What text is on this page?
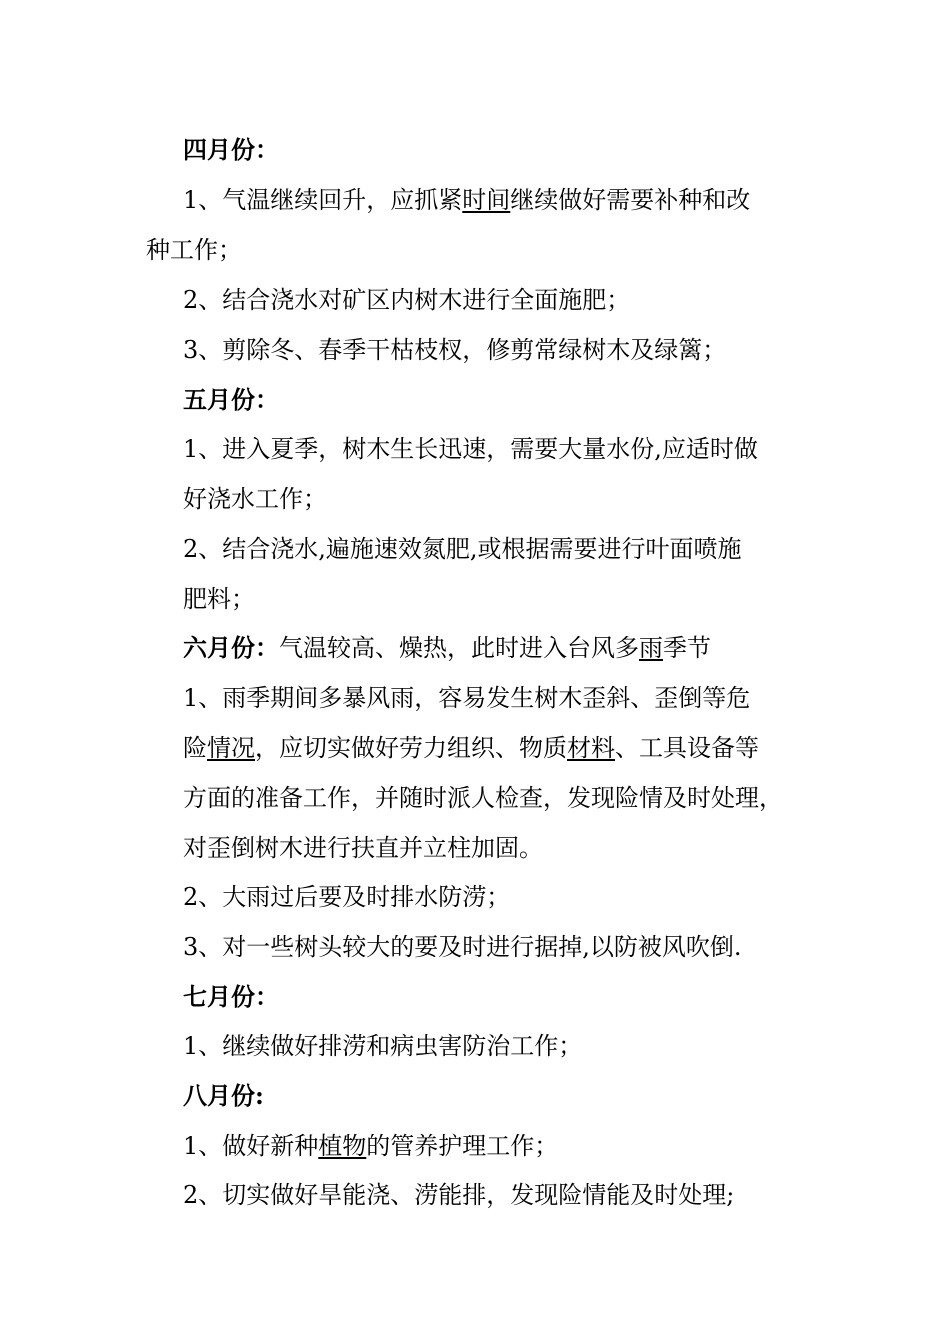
四月份：
1、气温继续回升，应抓紧时间继续做好需要补种和改
种工作；
2、结合浇水对矿区内树木进行全面施肥；
3、剪除冬、春季干枯枝杈，修剪常绿树木及绿篱；
五月份：
1、进入夏季，树木生长迅速，需要大量水份,应适时做
好浇水工作；
2、结合浇水,遍施速效氮肥,或根据需要进行叶面喷施
肥料；
六月份：气温较高、燥热，此时进入台风多雨季节
1、雨季期间多暴风雨，容易发生树木歪斜、歪倒等危
险情况，应切实做好劳力组织、物质材料、工具设备等
方面的准备工作，并随时派人检查，发现险情及时处理，
对歪倒树木进行扶直并立柱加固。
2、大雨过后要及时排水防涝；
3、对一些树头较大的要及时进行据掉,以防被风吹倒.
七月份：
1、继续做好排涝和病虫害防治工作；
八月份:
1、做好新种植物的管养护理工作；
2、切实做好旱能浇、涝能排，发现险情能及时处理;
